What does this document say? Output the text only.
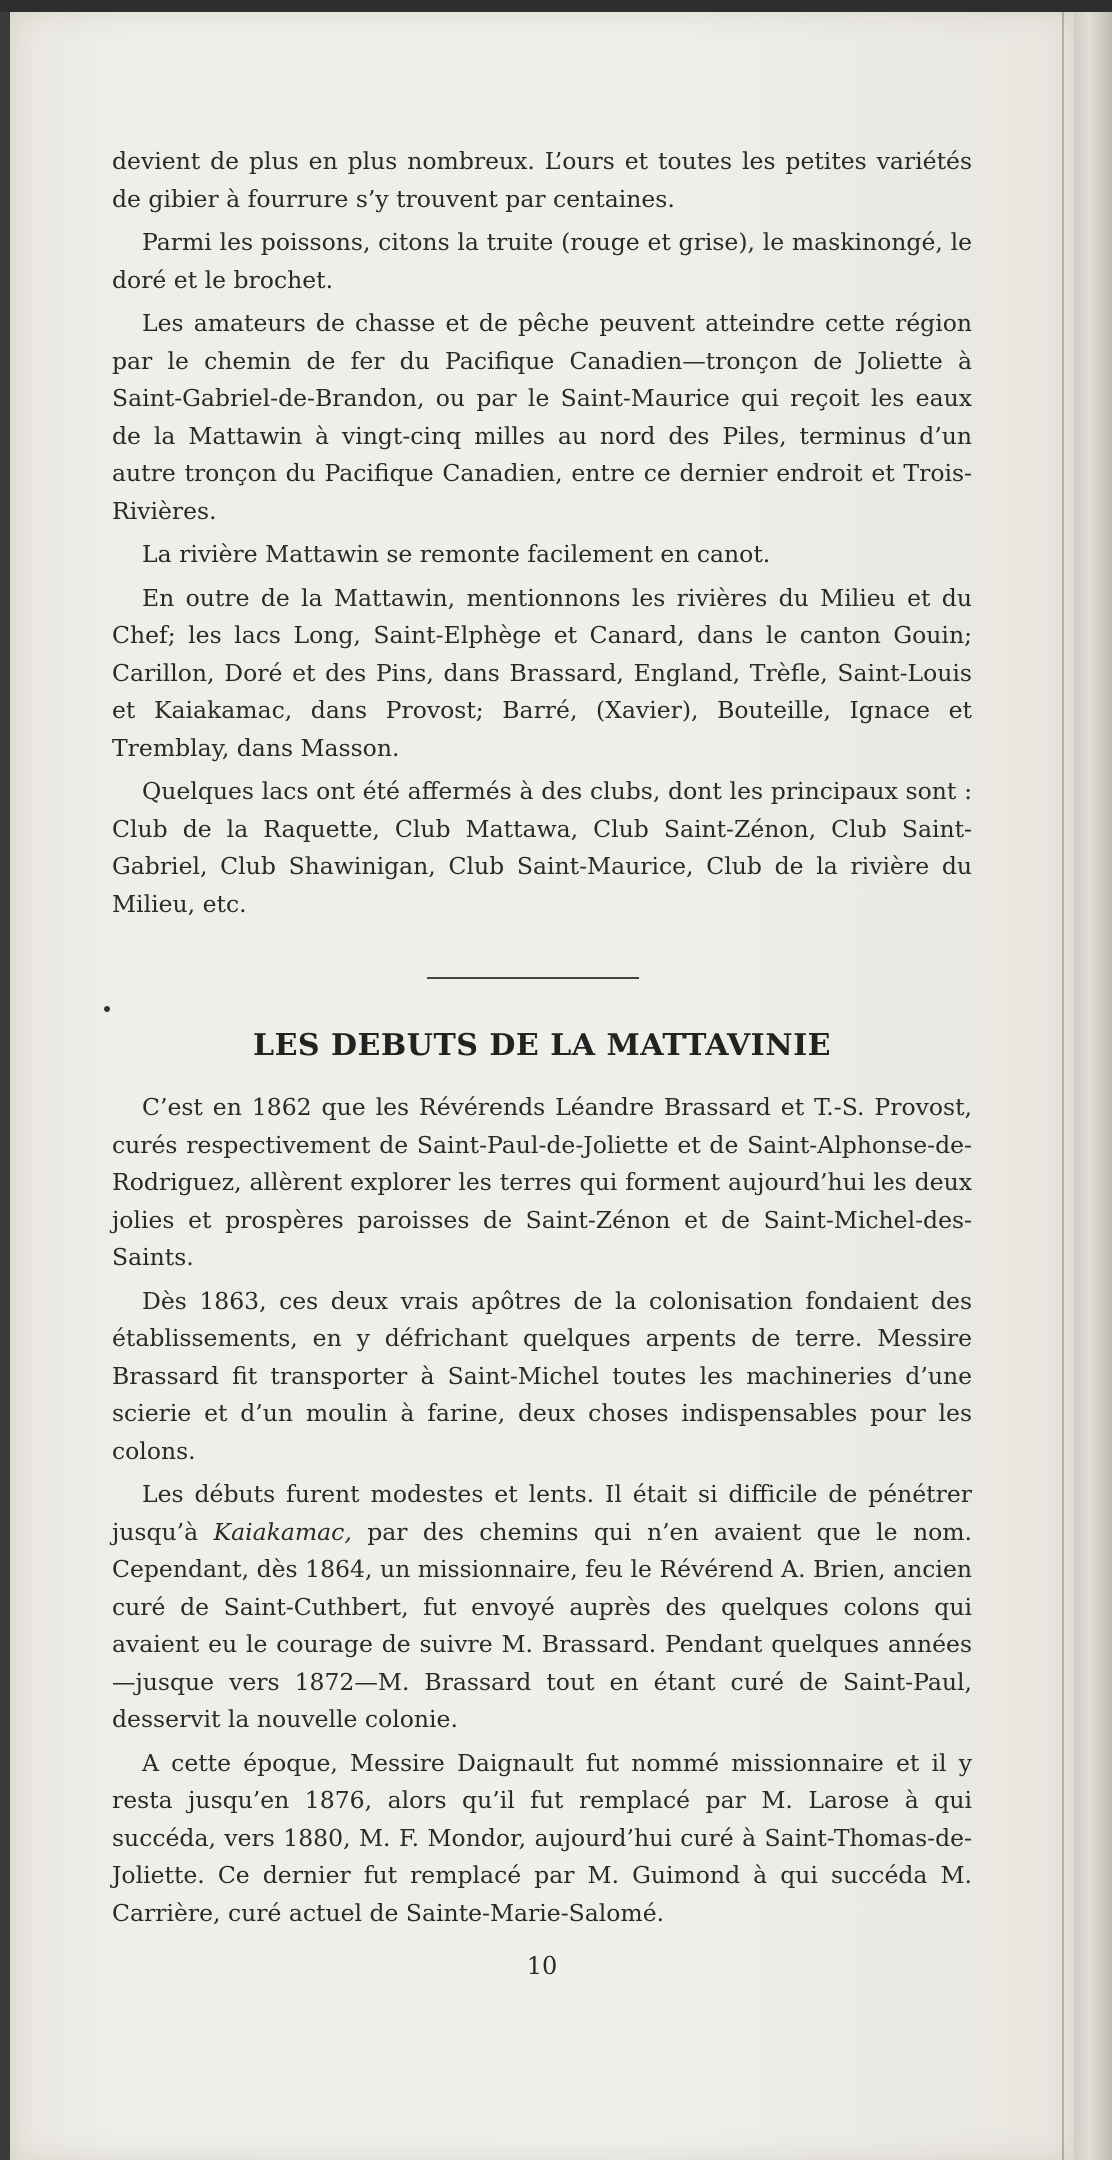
devient de plus en plus nombreux. L’ours et toutes les petites variétés de gibier à fourrure s’y trouvent par centaines.

Parmi les poissons, citons la truite (rouge et grise), le maskinongé, le doré et le brochet.

Les amateurs de chasse et de pêche peuvent atteindre cette région par le chemin de fer du Pacifique Canadien—tronçon de Joliette à Saint-Gabriel-de-Brandon, ou par le Saint-Maurice qui reçoit les eaux de la Mattawin à vingt-cinq milles au nord des Piles, terminus d’un autre tronçon du Pacifique Canadien, entre ce dernier endroit et Trois-Rivières.

La rivière Mattawin se remonte facilement en canot.

En outre de la Mattawin, mentionnons les rivières du Milieu et du Chef; les lacs Long, Saint-Elphège et Canard, dans le canton Gouin; Carillon, Doré et des Pins, dans Brassard, England, Trèfle, Saint-Louis et Kaiakamac, dans Provost; Barré, (Xavier), Bouteille, Ignace et Tremblay, dans Masson.

Quelques lacs ont été affermés à des clubs, dont les principaux sont : Club de la Raquette, Club Mattawa, Club Saint-Zénon, Club Saint-Gabriel, Club Shawinigan, Club Saint-Maurice, Club de la rivière du Milieu, etc.

LES DEBUTS DE LA MATTAVINIE

C’est en 1862 que les Révérends Léandre Brassard et T.-S. Provost, curés respectivement de Saint-Paul-de-Joliette et de Saint-Alphonse-de-Rodriguez, allèrent explorer les terres qui forment aujourd’hui les deux jolies et prospères paroisses de Saint-Zénon et de Saint-Michel-des-Saints.

Dès 1863, ces deux vrais apôtres de la colonisation fondaient des établissements, en y défrichant quelques arpents de terre. Messire Brassard fit transporter à Saint-Michel toutes les machineries d’une scierie et d’un moulin à farine, deux choses indispensables pour les colons.

Les débuts furent modestes et lents. Il était si difficile de pénétrer jusqu’à Kaiakamac, par des chemins qui n’en avaient que le nom. Cependant, dès 1864, un missionnaire, feu le Révérend A. Brien, ancien curé de Saint-Cuthbert, fut envoyé auprès des quelques colons qui avaient eu le courage de suivre M. Brassard. Pendant quelques années—jusque vers 1872—M. Brassard tout en étant curé de Saint-Paul, desservit la nouvelle colonie.

A cette époque, Messire Daignault fut nommé missionnaire et il y resta jusqu’en 1876, alors qu’il fut remplacé par M. Larose à qui succéda, vers 1880, M. F. Mondor, aujourd’hui curé à Saint-Thomas-de-Joliette. Ce dernier fut remplacé par M. Guimond à qui succéda M. Carrière, curé actuel de Sainte-Marie-Salomé.

10
